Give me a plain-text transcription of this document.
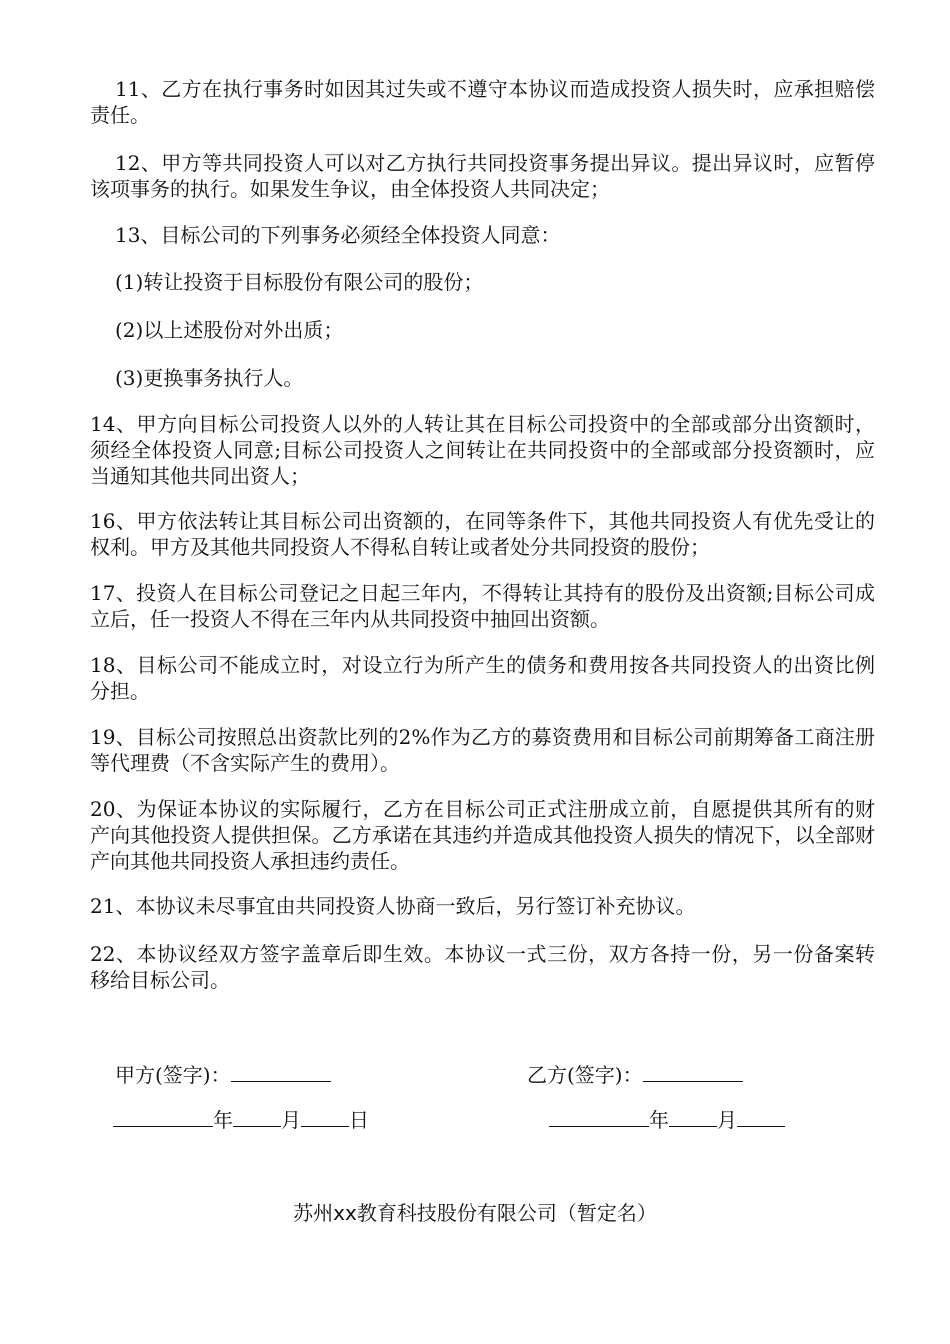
11、乙方在执行事务时如因其过失或不遵守本协议而造成投资人损失时，应承担赔偿责任。
12、甲方等共同投资人可以对乙方执行共同投资事务提出异议。提出异议时，应暂停该项事务的执行。如果发生争议，由全体投资人共同决定；
13、目标公司的下列事务必须经全体投资人同意：
(1)转让投资于目标股份有限公司的股份；
(2)以上述股份对外出质；
(3)更换事务执行人。
14、甲方向目标公司投资人以外的人转让其在目标公司投资中的全部或部分出资额时，须经全体投资人同意;目标公司投资人之间转让在共同投资中的全部或部分投资额时，应当通知其他共同出资人；
16、甲方依法转让其目标公司出资额的，在同等条件下，其他共同投资人有优先受让的权利。甲方及其他共同投资人不得私自转让或者处分共同投资的股份；
17、投资人在目标公司登记之日起三年内，不得转让其持有的股份及出资额;目标公司成立后，任一投资人不得在三年内从共同投资中抽回出资额。
18、目标公司不能成立时，对设立行为所产生的债务和费用按各共同投资人的出资比例分担。
19、目标公司按照总出资款比列的2%作为乙方的募资费用和目标公司前期筹备工商注册等代理费（不含实际产生的费用）。
20、为保证本协议的实际履行，乙方在目标公司正式注册成立前，自愿提供其所有的财产向其他投资人提供担保。乙方承诺在其违约并造成其他投资人损失的情况下，以全部财产向其他共同投资人承担违约责任。
21、本协议未尽事宜由共同投资人协商一致后，另行签订补充协议。
22、本协议经双方签字盖章后即生效。本协议一式三份，双方各持一份，另一份备案转移给目标公司。
甲方(签字)：	乙方(签字)：
年 月 日	年 月
苏州xx教育科技股份有限公司（暂定名）
